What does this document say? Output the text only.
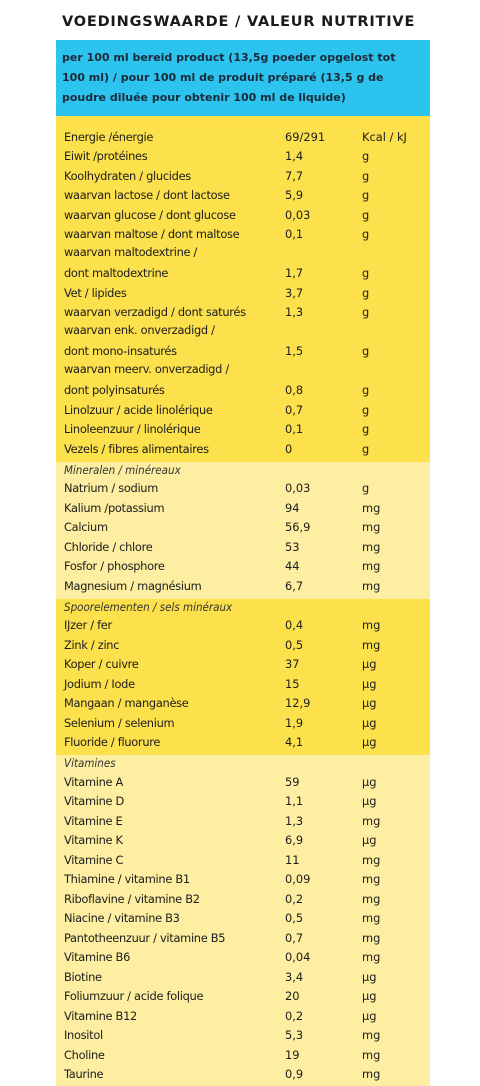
VOEDINGSWAARDE / VALEUR NUTRITIVE
per 100 ml bereid product (13,5g poeder opgelost tot 100 ml) / pour 100 ml de produit préparé (13,5 g de poudre diluée pour obtenir 100 ml de liquide)
Energie /énergie	69/291	Kcal / kJ
Eiwit /protéines	1,4	g
Koolhydraten / glucides	7,7	g
waarvan lactose / dont lactose	5,9	g
waarvan glucose / dont glucose	0,03	g
waarvan maltose / dont maltose	0,1	g
waarvan maltodextrine /
dont maltodextrine	1,7	g
Vet / lipides	3,7	g
waarvan verzadigd / dont saturés	1,3	g
waarvan enk. onverzadigd /
dont mono-insaturés	1,5	g
waarvan meerv. onverzadigd /
dont polyinsaturés	0,8	g
Linolzuur / acide linolérique	0,7	g
Linoleenzuur / linolérique	0,1	g
Vezels / fibres alimentaires	0	g
Mineralen / minéreaux
Natrium / sodium	0,03	g
Kalium /potassium	94	mg
Calcium	56,9	mg
Chloride / chlore	53	mg
Fosfor / phosphore	44	mg
Magnesium / magnésium	6,7	mg
Spoorelementen / sels minéraux
IJzer / fer	0,4	mg
Zink / zinc	0,5	mg
Koper / cuivre	37	µg
Jodium / Iode	15	µg
Mangaan / manganèse	12,9	µg
Selenium / selenium	1,9	µg
Fluoride / fluorure	4,1	µg
Vitamines
Vitamine A	59	µg
Vitamine D	1,1	µg
Vitamine E	1,3	mg
Vitamine K	6,9	µg
Vitamine C	11	mg
Thiamine / vitamine B1	0,09	mg
Riboflavine / vitamine B2	0,2	mg
Niacine / vitamine B3	0,5	mg
Pantotheenzuur / vitamine B5	0,7	mg
Vitamine B6	0,04	mg
Biotine	3,4	µg
Foliumzuur / acide folique	20	µg
Vitamine B12	0,2	µg
Inositol	5,3	mg
Choline	19	mg
Taurine	0,9	mg
